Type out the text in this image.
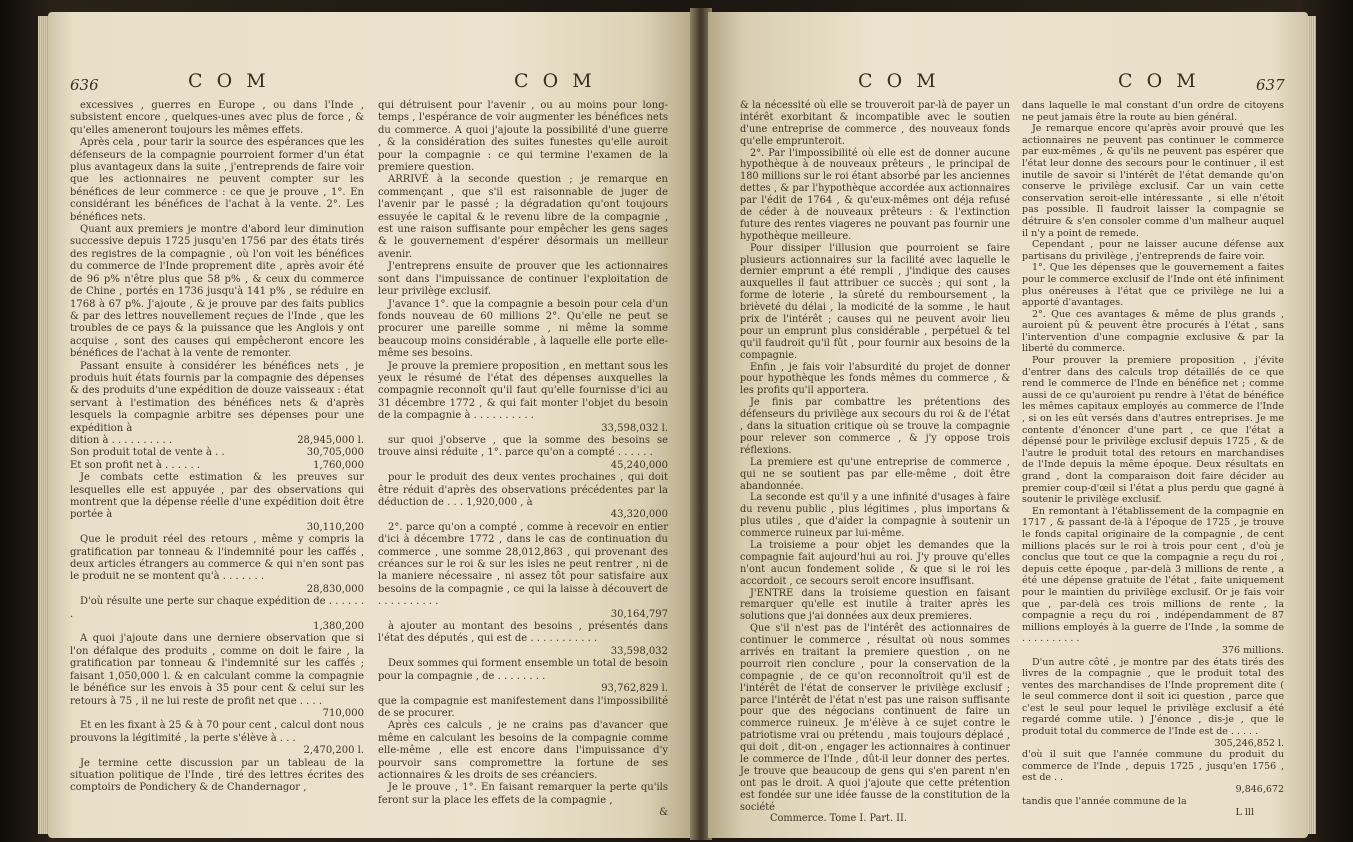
636	C O M	C O M

excessives , guerres en Europe , ou dans l'Inde , subsistent encore , quelques-unes avec plus de force , & qu'elles ameneront toujours les mêmes effets.

Après cela , pour tarir la source des espérances que les défenseurs de la compagnie pourroient former d'un état plus avantageux dans la suite , j'entreprends de faire voir que les actionnaires ne peuvent compter sur les bénéfices de leur commerce : ce que je prouve , 1°. En considérant les bénéfices de l'achat à la vente. 2°. Les bénéfices nets.

Quant aux premiers je montre d'abord leur diminution successive depuis 1725 jusqu'en 1756 par des états tirés des registres de la compagnie , où l'on voit les bénéfices du commerce de l'Inde proprement dite , après avoir été de 96 p% n'être plus que 58 p% , & ceux du commerce de Chine , portés en 1736 jusqu'à 141 p% , se réduire en 1768 à 67 p%. J'ajoute , & je prouve par des faits publics & par des lettres nouvellement reçues de l'Inde , que les troubles de ce pays & la puissance que les Anglois y ont acquise , sont des causes qui empêcheront encore les bénéfices de l'achat à la vente de remonter.

Passant ensuite à considérer les bénéfices nets , je produis huit états fournis par la compagnie des dépenses & des produits d'une expédition de douze vaisseaux : état servant à l'estimation des bénéfices nets & d'après lesquels la compagnie arbitre ses dépenses pour une expédition à

dition à . . . . . . . . . .	28,945,000 l.
Son produit total de vente à . .	30,705,000
Et son profit net à . . . . . .	1,760,000

Je combats cette estimation & les preuves sur lesquelles elle est appuyée , par des observations qui montrent que la dépense réelle d'une expédition doit être portée à

30,110,200

Que le produit réel des retours , même y compris la gratification par tonneau & l'indemnité pour les caffés , deux articles étrangers au commerce & qui n'en sont pas le produit ne se montent qu'à . . . . . . .

28,830,000

D'où résulte une perte sur chaque expédition de . . . . . . .

1,380,200

A quoi j'ajoute dans une derniere observation que si l'on défalque des produits , comme on doit le faire , la gratification par tonneau & l'indemnité sur les caffés ; faisant 1,050,000 l. & en calculant comme la compagnie le bénéfice sur les envois à 35 pour cent & celui sur les retours à 75 , il ne lui reste de profit net que . . . .

710,000

Et en les fixant à 25 & à 70 pour cent , calcul dont nous prouvons la légitimité , la perte s'élève à . . .

2,470,200 l.

Je termine cette discussion par un tableau de la situation politique de l'Inde , tiré des lettres écrites des comptoirs de Pondichery & de Chandernagor ,

qui détruisent pour l'avenir , ou au moins pour long-temps , l'espérance de voir augmenter les bénéfices nets du commerce. A quoi j'ajoute la possibilité d'une guerre , & la considération des suites funestes qu'elle auroit pour la compagnie : ce qui termine l'examen de la premiere question.

ARRIVÉ à la seconde question ; je remarque en commençant , que s'il est raisonnable de juger de l'avenir par le passé ; la dégradation qu'ont toujours essuyée le capital & le revenu libre de la compagnie , est une raison suffisante pour empêcher les gens sages & le gouvernement d'espérer désormais un meilleur avenir.

J'entreprens ensuite de prouver que les actionnaires sont dans l'impuissance de continuer l'exploitation de leur privilège exclusif.

J'avance 1°. que la compagnie a besoin pour cela d'un fonds nouveau de 60 millions 2°. Qu'elle ne peut se procurer une pareille somme , ni même la somme beaucoup moins considérable , à laquelle elle porte elle-même ses besoins.

Je prouve la premiere proposition , en mettant sous les yeux le résumé de l'état des dépenses auxquelles la compagnie reconnoît qu'il faut qu'elle fournisse d'ici au 31 décembre 1772 , & qui fait monter l'objet du besoin de la compagnie à . . . . . . . . . .

33,598,032 l.

sur quoi j'observe , que la somme des besoins se trouve ainsi réduite , 1°. parce qu'on a compté . . . . . .

45,240,000

pour le produit des deux ventes prochaines , qui doit être réduit d'après des observations précédentes par la déduction de . . . 1,920,000 , à

43,320,000

2°. parce qu'on a compté , comme à recevoir en entier d'ici à décembre 1772 , dans le cas de continuation du commerce , une somme 28,012,863 , qui provenant des créances sur le roi & sur les isles ne peut rentrer , ni de la maniere nécessaire , ni assez tôt pour satisfaire aux besoins de la compagnie , ce qui la laisse à découvert de . . . . . . . . . .

30,164,797

à ajouter au montant des besoins , présentés dans l'état des députés , qui est de . . . . . . . . . . .

33,598,032

Deux sommes qui forment ensemble un total de besoin pour la compagnie , de . . . . . . . .

93,762,829 l.

que la compagnie est manifestement dans l'impossibilité de se procurer.

Après ces calculs , je ne crains pas d'avancer que même en calculant les besoins de la compagnie comme elle-même , elle est encore dans l'impuissance d'y pourvoir sans compromettre la fortune de ses actionnaires & les droits de ses créanciers.

Je le prouve , 1°. En faisant remarquer la perte qu'ils feront sur la place les effets de la compagnie ,

&
C O M	C O M	637

& la nécessité où elle se trouveroit par-là de payer un intérêt exorbitant & incompatible avec le soutien d'une entreprise de commerce , des nouveaux fonds qu'elle emprunteroit.

2°. Par l'impossibilité où elle est de donner aucune hypothèque à de nouveaux prêteurs , le principal de 180 millions sur le roi étant absorbé par les anciennes dettes , & par l'hypothèque accordée aux actionnaires par l'édit de 1764 , & qu'eux-mêmes ont déja refusé de céder à de nouveaux prêteurs : & l'extinction future des rentes viageres ne pouvant pas fournir une hypothèque meilleure.

Pour dissiper l'illusion que pourroient se faire plusieurs actionnaires sur la facilité avec laquelle le dernier emprunt a été rempli , j'indique des causes auxquelles il faut attribuer ce succès ; qui sont , la forme de loterie , la sûreté du remboursement , la brièveté du délai , la modicité de la somme , le haut prix de l'intérêt ; causes qui ne peuvent avoir lieu pour un emprunt plus considérable , perpétuel & tel qu'il faudroit qu'il fût , pour fournir aux besoins de la compagnie.

Enfin , je fais voir l'absurdité du projet de donner pour hypothèque les fonds mêmes du commerce , & les profits qu'il apportera.

Je finis par combattre les prétentions des défenseurs du privilège aux secours du roi & de l'état , dans la situation critique où se trouve la compagnie pour relever son commerce , & j'y oppose trois réflexions.

La premiere est qu'une entreprise de commerce , qui ne se soutient pas par elle-même , doit être abandonnée.

La seconde est qu'il y a une infinité d'usages à faire du revenu public , plus légitimes , plus importans & plus utiles , que d'aider la compagnie à soutenir un commerce ruineux par lui-même.

La troisieme a pour objet les demandes que la compagnie fait aujourd'hui au roi. J'y prouve qu'elles n'ont aucun fondement solide , & que si le roi les accordoit , ce secours seroit encore insuffisant.

J'ENTRE dans la troisieme question en faisant remarquer qu'elle est inutile à traiter après les solutions que j'ai données aux deux premieres.

Que s'il n'est pas de l'intérêt des actionnaires de continuer le commerce , résultat où nous sommes arrivés en traitant la premiere question , on ne pourroit rien conclure , pour la conservation de la compagnie , de ce qu'on reconnoîtroit qu'il est de l'intérêt de l'état de conserver le privilège exclusif ; parce l'intérêt de l'état n'est pas une raison suffisante pour que des négocians continuent de faire un commerce ruineux. Je m'élève à ce sujet contre le patriotisme vrai ou prétendu , mais toujours déplacé , qui doit , dit-on , engager les actionnaires à continuer le commerce de l'Inde , dût-il leur donner des pertes. Je trouve que beaucoup de gens qui s'en parent n'en ont pas le droit. A quoi j'ajoute que cette prétention est fondée sur une idée fausse de la constitution de la société

Commerce. Tome I. Part. II.

dans laquelle le mal constant d'un ordre de citoyens ne peut jamais être la route au bien général.

Je remarque encore qu'après avoir prouvé que les actionnaires ne peuvent pas continuer le commerce par eux-mêmes , & qu'ils ne peuvent pas espérer que l'état leur donne des secours pour le continuer , il est inutile de savoir si l'intérêt de l'état demande qu'on conserve le privilège exclusif. Car un vain cette conservation seroit-elle intéressante , si elle n'étoit pas possible. Il faudroit laisser la compagnie se détruire & s'en consoler comme d'un malheur auquel il n'y a point de remede.

Cependant , pour ne laisser aucune défense aux partisans du privilège , j'entreprends de faire voir.

1°. Que les dépenses que le gouvernement a faites pour le commerce exclusif de l'Inde ont été infiniment plus onéreuses à l'état que ce privilège ne lui a apporté d'avantages.

2°. Que ces avantages & même de plus grands , auroient pû & peuvent être procurés à l'état , sans l'intervention d'une compagnie exclusive & par la liberté du commerce.

Pour prouver la premiere proposition , j'évite d'entrer dans des calculs trop détaillés de ce que rend le commerce de l'Inde en bénéfice net ; comme aussi de ce qu'auroient pu rendre à l'état de bénéfice les mêmes capitaux employés au commerce de l'Inde , si on les eût versés dans d'autres entreprises. Je me contente d'énoncer d'une part , ce que l'état a dépensé pour le privilège exclusif depuis 1725 , & de l'autre le produit total des retours en marchandises de l'Inde depuis la même époque. Deux résultats en grand , dont la comparaison doit faire décider au premier coup-d'œil si l'état a plus perdu que gagné à soutenir le privilège exclusif.

En remontant à l'établissement de la compagnie en 1717 , & passant de-là à l'époque de 1725 , je trouve le fonds capital originaire de la compagnie , de cent millions placés sur le roi à trois pour cent , d'où je conclus que tout ce que la compagnie a reçu du roi , depuis cette époque , par-delà 3 millions de rente , a été une dépense gratuite de l'état , faite uniquement pour le maintien du privilège exclusif. Or je fais voir que , par-delà ces trois millions de rente , la compagnie a reçu du roi , indépendamment de 87 millions employés à la guerre de l'Inde , la somme de . . . . . . . . . .

376 millions.

D'un autre côté , je montre par des états tirés des livres de la compagnie , que le produit total des ventes des marchandises de l'Inde proprement dite ( le seul commerce dont il soit ici question , parce que c'est le seul pour lequel le privilège exclusif a été regardé comme utile. ) J'énonce , dis-je , que le produit total du commerce de l'Inde est de . . . . .

305,246,852 l.

d'où il suit que l'année commune du produit du commerce de l'Inde , depuis 1725 , jusqu'en 1756 , est de . .

9,846,672

tandis que l'année commune de la

L lll
